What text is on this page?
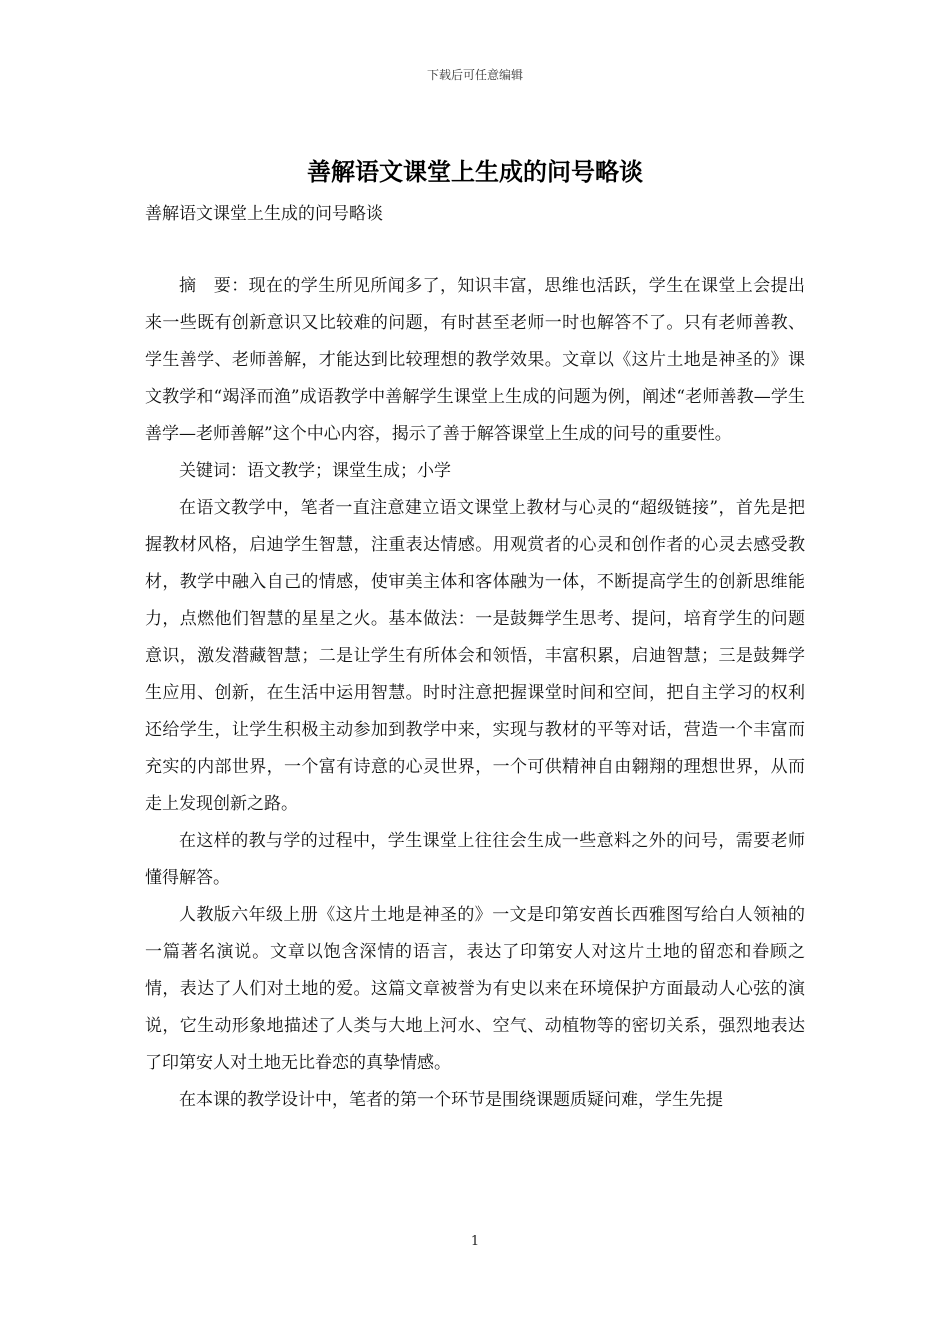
下载后可任意编辑
善解语文课堂上生成的问号略谈
善解语文课堂上生成的问号略谈

摘　要：现在的学生所见所闻多了，知识丰富，思维也活跃，学生在课堂上会提出来一些既有创新意识又比较难的问题，有时甚至老师一时也解答不了。只有老师善教、学生善学、老师善解，才能达到比较理想的教学效果。文章以《这片土地是神圣的》课文教学和“竭泽而渔”成语教学中善解学生课堂上生成的问题为例，阐述“老师善教—学生善学—老师善解”这个中心内容，揭示了善于解答课堂上生成的问号的重要性。

关键词：语文教学；课堂生成；小学

在语文教学中，笔者一直注意建立语文课堂上教材与心灵的“超级链接”，首先是把握教材风格，启迪学生智慧，注重表达情感。用观赏者的心灵和创作者的心灵去感受教材，教学中融入自己的情感，使审美主体和客体融为一体，不断提高学生的创新思维能力，点燃他们智慧的星星之火。基本做法：一是鼓舞学生思考、提问，培育学生的问题意识，激发潜藏智慧；二是让学生有所体会和领悟，丰富积累，启迪智慧；三是鼓舞学生应用、创新，在生活中运用智慧。时时注意把握课堂时间和空间，把自主学习的权利还给学生，让学生积极主动参加到教学中来，实现与教材的平等对话，营造一个丰富而充实的内部世界，一个富有诗意的心灵世界，一个可供精神自由翱翔的理想世界，从而走上发现创新之路。

在这样的教与学的过程中，学生课堂上往往会生成一些意料之外的问号，需要老师懂得解答。

人教版六年级上册《这片土地是神圣的》一文是印第安酋长西雅图写给白人领袖的一篇著名演说。文章以饱含深情的语言，表达了印第安人对这片土地的留恋和眷顾之情，表达了人们对土地的爱。这篇文章被誉为有史以来在环境保护方面最动人心弦的演说，它生动形象地描述了人类与大地上河水、空气、动植物等的密切关系，强烈地表达了印第安人对土地无比眷恋的真挚情感。

在本课的教学设计中，笔者的第一个环节是围绕课题质疑问难，学生先提

1
